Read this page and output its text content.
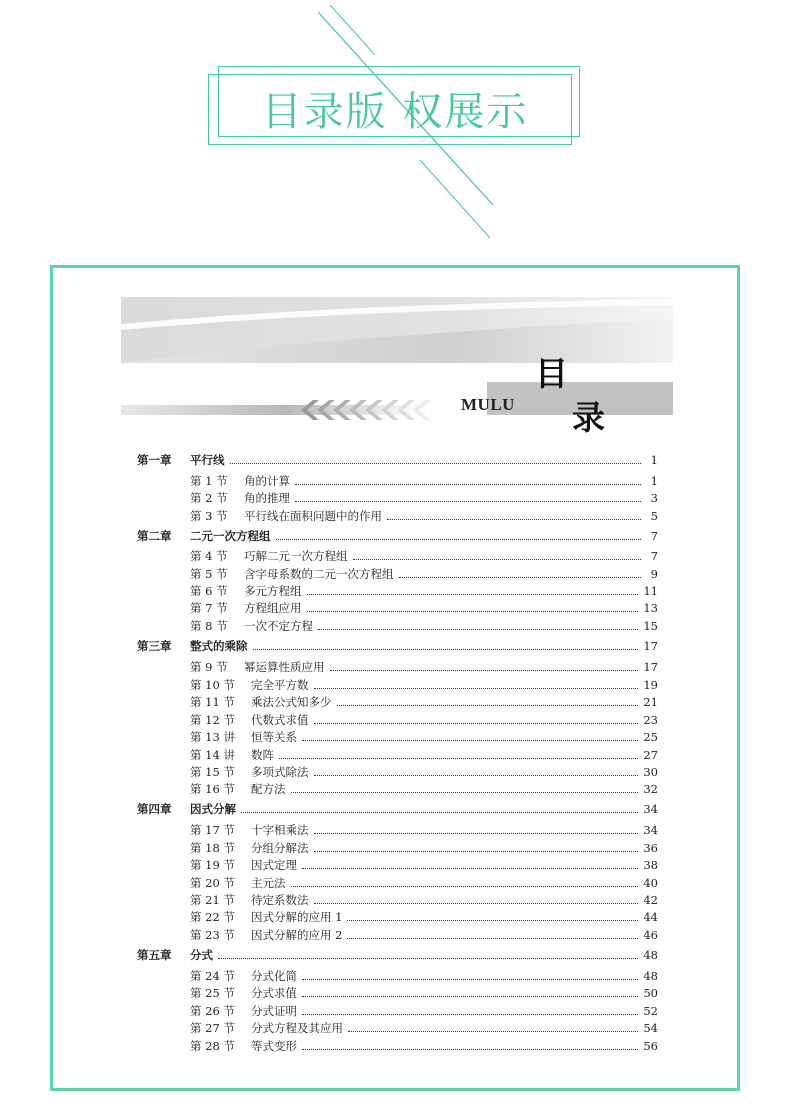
目录版 权展示
MULU
目
录
第一章	平行线	1
第 1 节	角的计算	1
第 2 节	角的推理	3
第 3 节	平行线在面积问题中的作用	5
第二章	二元一次方程组	7
第 4 节	巧解二元一次方程组	7
第 5 节	含字母系数的二元一次方程组	9
第 6 节	多元方程组	11
第 7 节	方程组应用	13
第 8 节	一次不定方程	15
第三章	整式的乘除	17
第 9 节	幂运算性质应用	17
第 10 节	完全平方数	19
第 11 节	乘法公式知多少	21
第 12 节	代数式求值	23
第 13 讲	恒等关系	25
第 14 讲	数阵	27
第 15 节	多项式除法	30
第 16 节	配方法	32
第四章	因式分解	34
第 17 节	十字相乘法	34
第 18 节	分组分解法	36
第 19 节	因式定理	38
第 20 节	主元法	40
第 21 节	待定系数法	42
第 22 节	因式分解的应用 1	44
第 23 节	因式分解的应用 2	46
第五章	分式	48
第 24 节	分式化简	48
第 25 节	分式求值	50
第 26 节	分式证明	52
第 27 节	分式方程及其应用	54
第 28 节	等式变形	56
